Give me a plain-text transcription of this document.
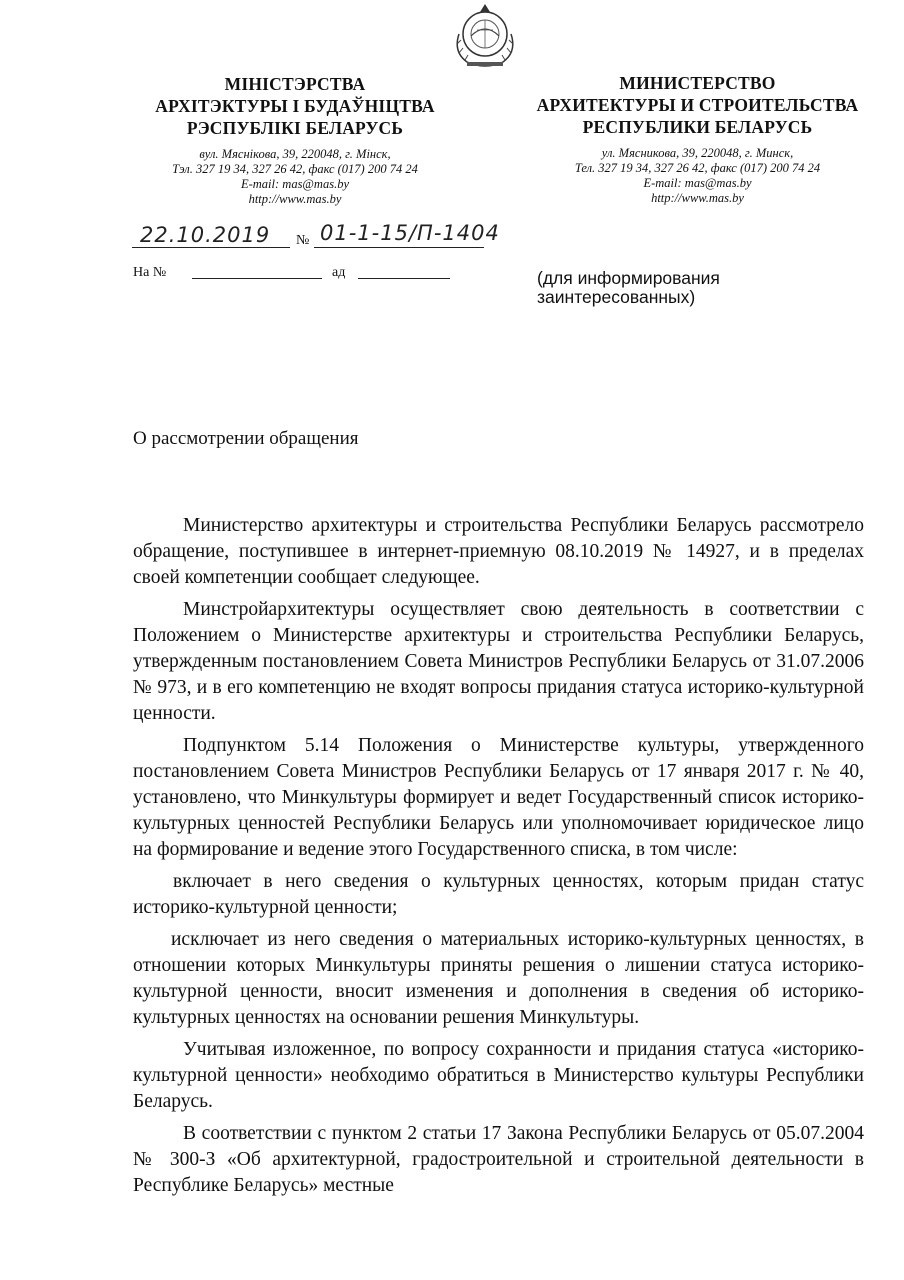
МІНІСТЭРСТВА
АРХІТЭКТУРЫ І БУДАЎНІЦТВА
РЭСПУБЛІКІ БЕЛАРУСЬ
вул. Мяснікова, 39, 220048, г. Мінск,
Тэл. 327 19 34, 327 26 42, факс (017) 200 74 24
E-mail: mas@mas.by
http://www.mas.by
МИНИСТЕРСТВО
АРХИТЕКТУРЫ И СТРОИТЕЛЬСТВА
РЕСПУБЛИКИ БЕЛАРУСЬ
ул. Мясникова, 39, 220048, г. Минск,
Тел. 327 19 34, 327 26 42, факс (017) 200 74 24
E-mail: mas@mas.by
http://www.mas.by
22.10.2019 № 01-1-15/П-1404
На №	ад	(для информирования
заинтересованных)
О рассмотрении обращения

Министерство архитектуры и строительства Республики Беларусь рассмотрело обращение, поступившее в интернет-приемную 08.10.2019 № 14927, и в пределах своей компетенции сообщает следующее.

Минстройархитектуры осуществляет свою деятельность в соответствии с Положением о Министерстве архитектуры и строительства Республики Беларусь, утвержденным постановлением Совета Министров Республики Беларусь от 31.07.2006 № 973, и в его компетенцию не входят вопросы придания статуса историко-культурной ценности.

Подпунктом 5.14 Положения о Министерстве культуры, утвержденного постановлением Совета Министров Республики Беларусь от 17 января 2017 г. № 40, установлено, что Минкультуры формирует и ведет Государственный список историко-культурных ценностей Республики Беларусь или уполномочивает юридическое лицо на формирование и ведение этого Государственного списка, в том числе:

включает в него сведения о культурных ценностях, которым придан статус историко-культурной ценности;

исключает из него сведения о материальных историко-культурных ценностях, в отношении которых Минкультуры приняты решения о лишении статуса историко-культурной ценности, вносит изменения и дополнения в сведения об историко-культурных ценностях на основании решения Минкультуры.

Учитывая изложенное, по вопросу сохранности и придания статуса «историко-культурной ценности» необходимо обратиться в Министерство культуры Республики Беларусь.

В соответствии с пунктом 2 статьи 17 Закона Республики Беларусь от 05.07.2004 № 300-З «Об архитектурной, градостроительной и строительной деятельности в Республике Беларусь» местные
